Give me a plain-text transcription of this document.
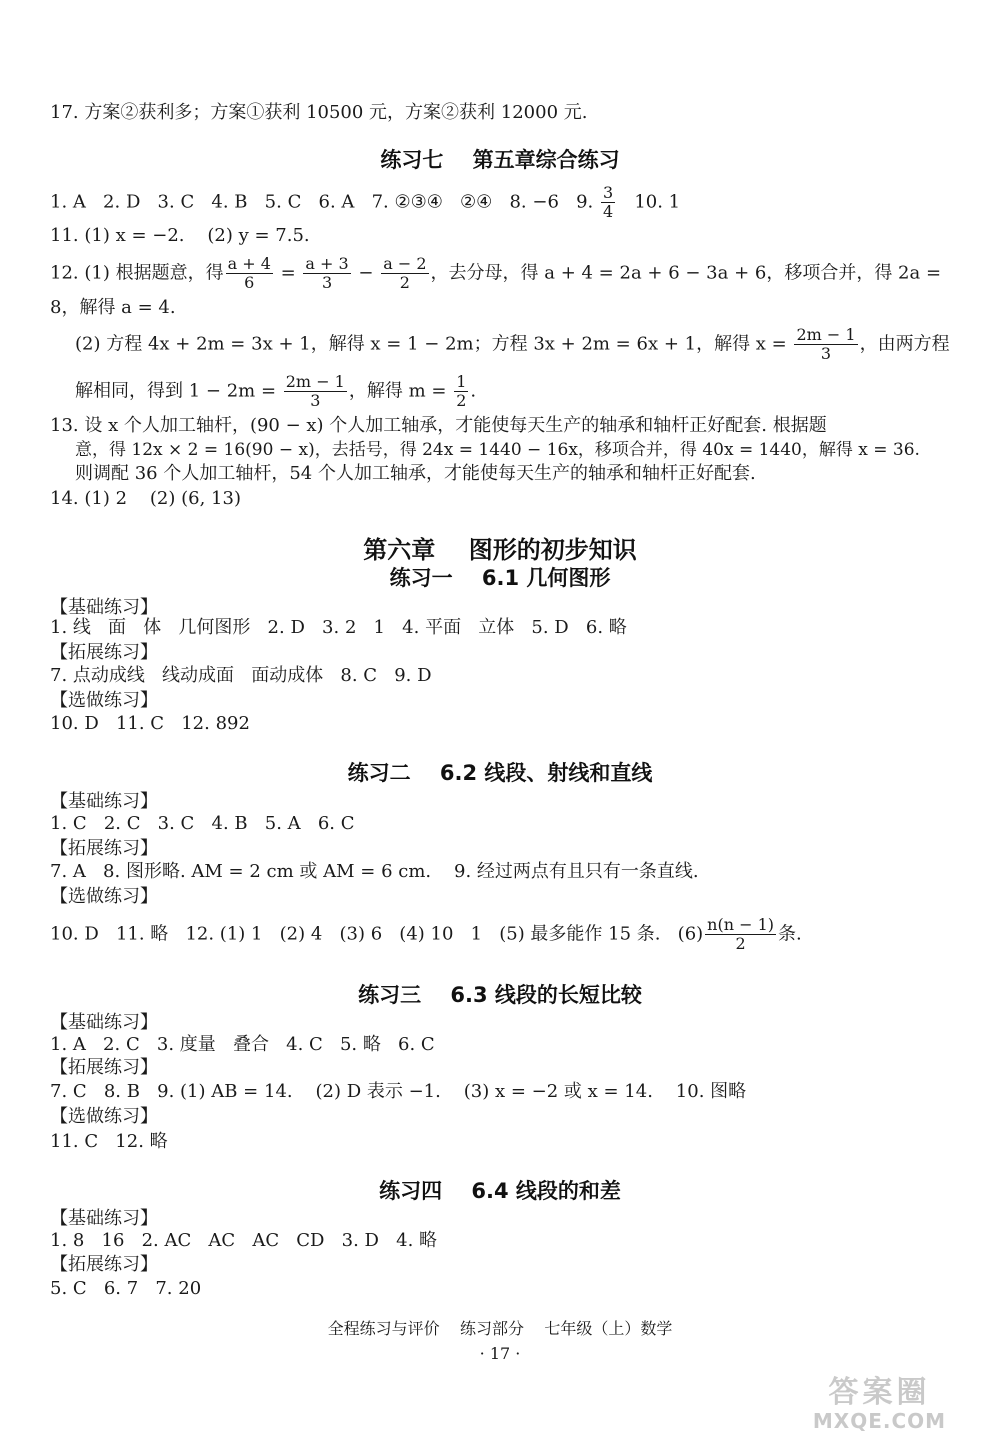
17. 方案②获利多；方案①获利 10500 元，方案②获利 12000 元.
练习七    第五章综合练习
1. A   2. D   3. C   4. B   5. C   6. A   7. ②③④   ②④   8. −6   9. $\frac{3}{4} 10$. 1
11. (1) x = −2.    (2) y = 7.5.
12. (1) 根据题意，得 $\frac{a + 4}{6} = \frac{a + 3}{3} - \frac{a - 2}{2}$ ，去分母，得 a + 4 = 2a + 6 − 3a + 6，移项合并，得 2a =
8，解得 a = 4.
(2) 方程 4x + 2m = 3x + 1，解得 x = 1 − 2m；方程 3x + 2m = 6x + 1，解得 $x = \frac{2m - 1}{3}$ ，由两方程
解相同，得到 $1 - 2m = \frac{2m - 1}{3}$ ，解得 $m = \frac{1}{2}$ .
13. 设 x 个人加工轴杆，(90 − x) 个人加工轴承，才能使每天生产的轴承和轴杆正好配套. 根据题
意，得 12x × 2 = 16(90 − x)，去括号，得 24x = 1440 − 16x，移项合并，得 40x = 1440，解得 x = 36.
则调配 36 个人加工轴杆，54 个人加工轴承，才能使每天生产的轴承和轴杆正好配套.
14. (1) 2    (2) (6, 13)
第六章    图形的初步知识
练习一    6.1 几何图形
【基础练习】
1. 线   面   体   几何图形   2. D   3. 2   1   4. 平面   立体   5. D   6. 略
【拓展练习】
7. 点动成线   线动成面   面动成体   8. C   9. D
【选做练习】
10. D   11. C   12. 892
练习二    6.2 线段、射线和直线
【基础练习】
1. C   2. C   3. C   4. B   5. A   6. C
【拓展练习】
7. A   8. 图形略. AM = 2 cm 或 AM = 6 cm.    9. 经过两点有且只有一条直线.
【选做练习】
10. D   11. 略   12. (1) 1   (2) 4   (3) 6   (4) 10   1   (5) 最多能作 15 条.   $(6) \frac{n(n - 1)}{2}$ 条.
练习三    6.3 线段的长短比较
【基础练习】
1. A   2. C   3. 度量   叠合   4. C   5. 略   6. C
【拓展练习】
7. C   8. B   9. (1) AB = 14.    (2) D 表示 −1.    (3) x = −2 或 x = 14.    10. 图略
【选做练习】
11. C   12. 略
练习四    6.4 线段的和差
【基础练习】
1. 8   16   2. AC   AC   AC   CD   3. D   4. 略
【拓展练习】
5. C   6. 7   7. 20
全程练习与评价    练习部分    七年级（上）数学
· 17 ·
答案圈
MXQE.COM
